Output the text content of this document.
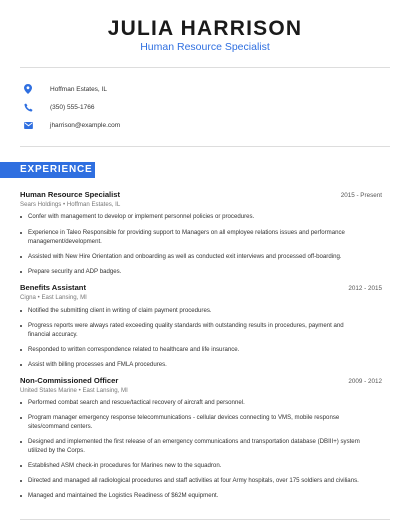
JULIA HARRISON
Human Resource Specialist
Hoffman Estates, IL
(350) 555-1766
jharrison@example.com
EXPERIENCE
Human Resource Specialist	2015 - Present
Sears Holdings • Hoffman Estates, IL
Confer with management to develop or implement personnel policies or procedures.
Experience in Taleo Responsible for providing support to Managers on all employee relations issues and performance management/development.
Assisted with New Hire Orientation and onboarding as well as conducted exit interviews and processed off-boarding.
Prepare security and ADP badges.
Benefits Assistant	2012 - 2015
Cigna • East Lansing, MI
Notified the submitting client in writing of claim payment procedures.
Progress reports were always rated exceeding quality standards with outstanding results in procedures, payment and financial accuracy.
Responded to written correspondence related to healthcare and life insurance.
Assist with billing processes and FMLA procedures.
Non-Commissioned Officer	2009 - 2012
United States Marine • East Lansing, MI
Performed combat search and rescue/tactical recovery of aircraft and personnel.
Program manager emergency response telecommunications - cellular devices connecting to VMS, mobile response sites/command centers.
Designed and implemented the first release of an emergency communications and transportation database (DBIII+) system utilized by the Corps.
Established ASM check-in procedures for Marines new to the squadron.
Directed and managed all radiological procedures and staff activities at four Army hospitals, over 175 soldiers and civilians.
Managed and maintained the Logistics Readiness of $62M equipment.
